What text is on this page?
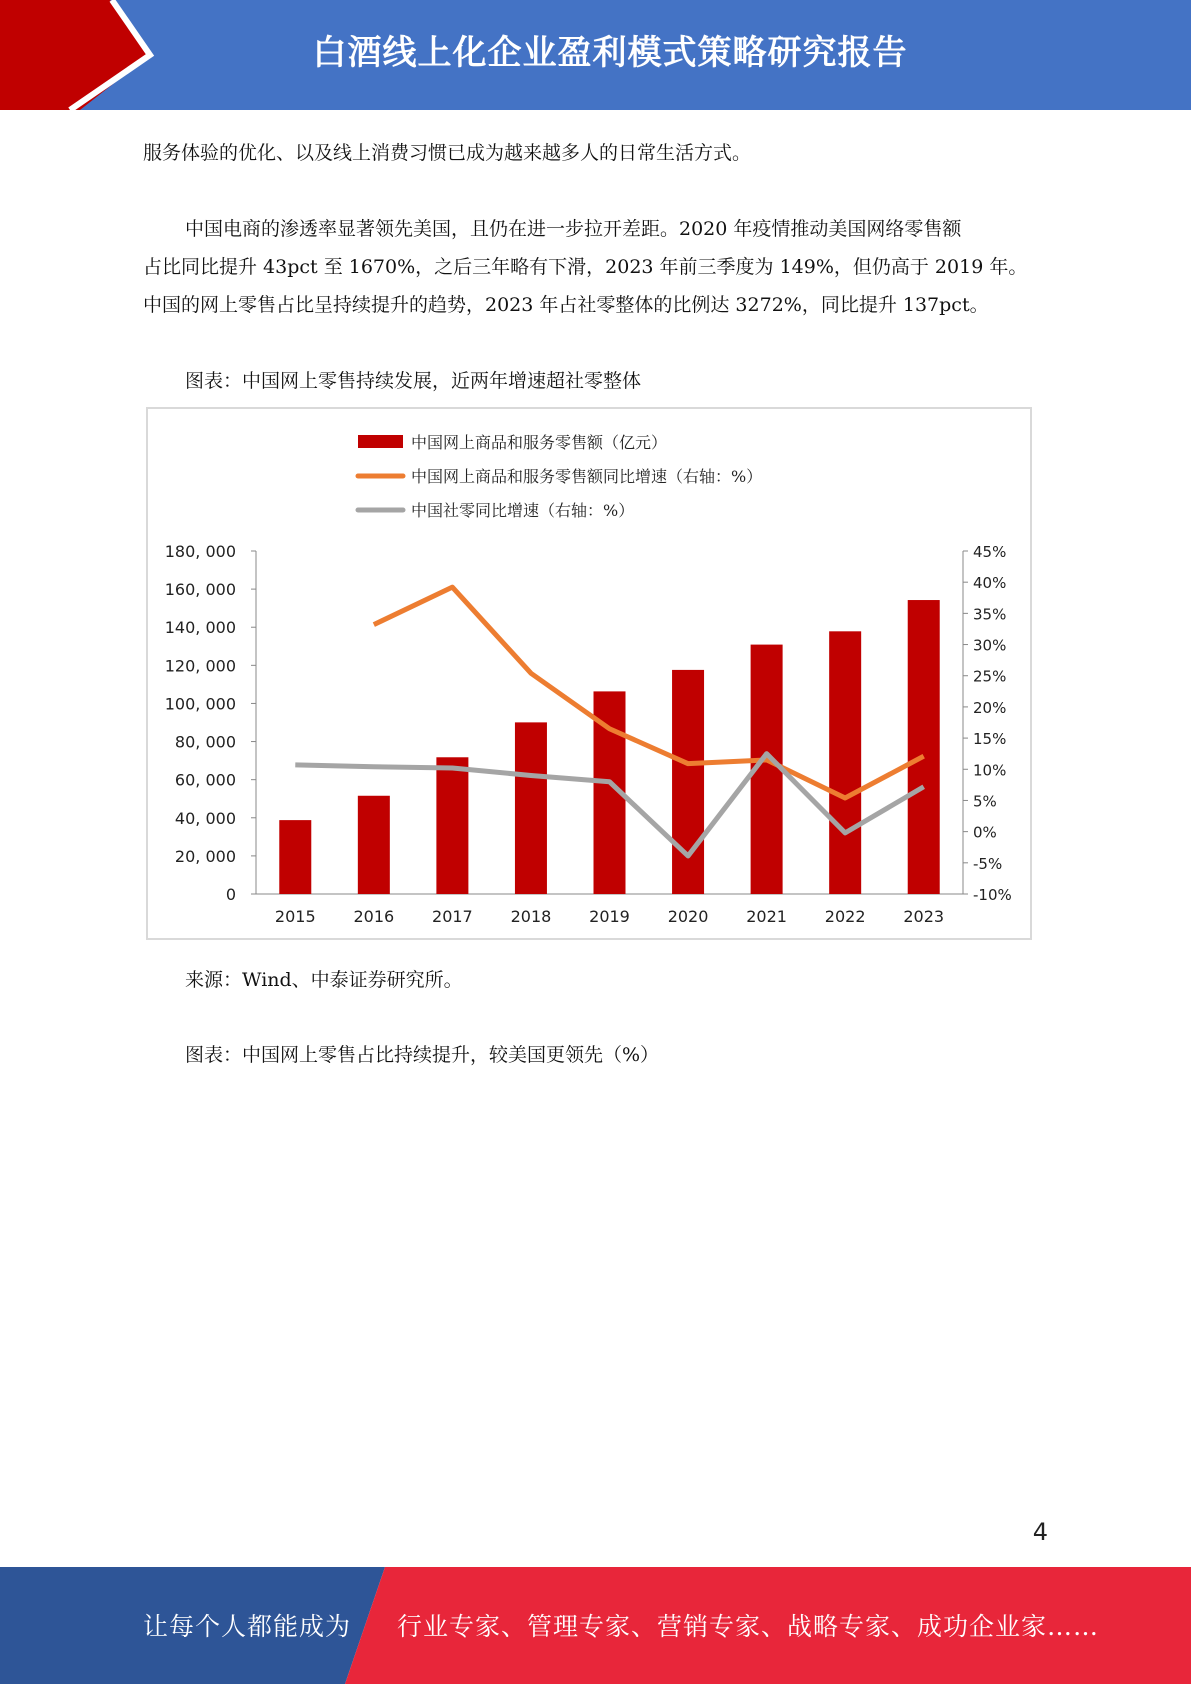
白酒线上化企业盈利模式策略研究报告

服务体验的优化、以及线上消费习惯已成为越来越多人的日常生活方式。

中国电商的渗透率显著领先美国，且仍在进一步拉开差距。2020 年疫情推动美国网络零售额
占比同比提升 43pct 至 1670%，之后三年略有下滑，2023 年前三季度为 149%，但仍高于 2019 年。
中国的网上零售占比呈持续提升的趋势，2023 年占社零整体的比例达 3272%，同比提升 137pct。
图表：中国网上零售持续发展，近两年增速超社零整体
0
20, 000
40, 000
60, 000
80, 000
100, 000
120, 000
140, 000
160, 000
180, 000
-10%
-5%
0%
5%
10%
15%
20%
25%
30%
35%
40%
45%
2015 2016 2017 2018 2019 2020 2021 2022 2023
中国网上商品和服务零售额（亿元）
中国网上商品和服务零售额同比增速（右轴：%）
中国社零同比增速（右轴：%）
来源：Wind、中泰证券研究所。
图表：中国网上零售占比持续提升，较美国更领先（%）
4
让每个人都能成为 行业专家、管理专家、营销专家、战略专家、成功企业家……
